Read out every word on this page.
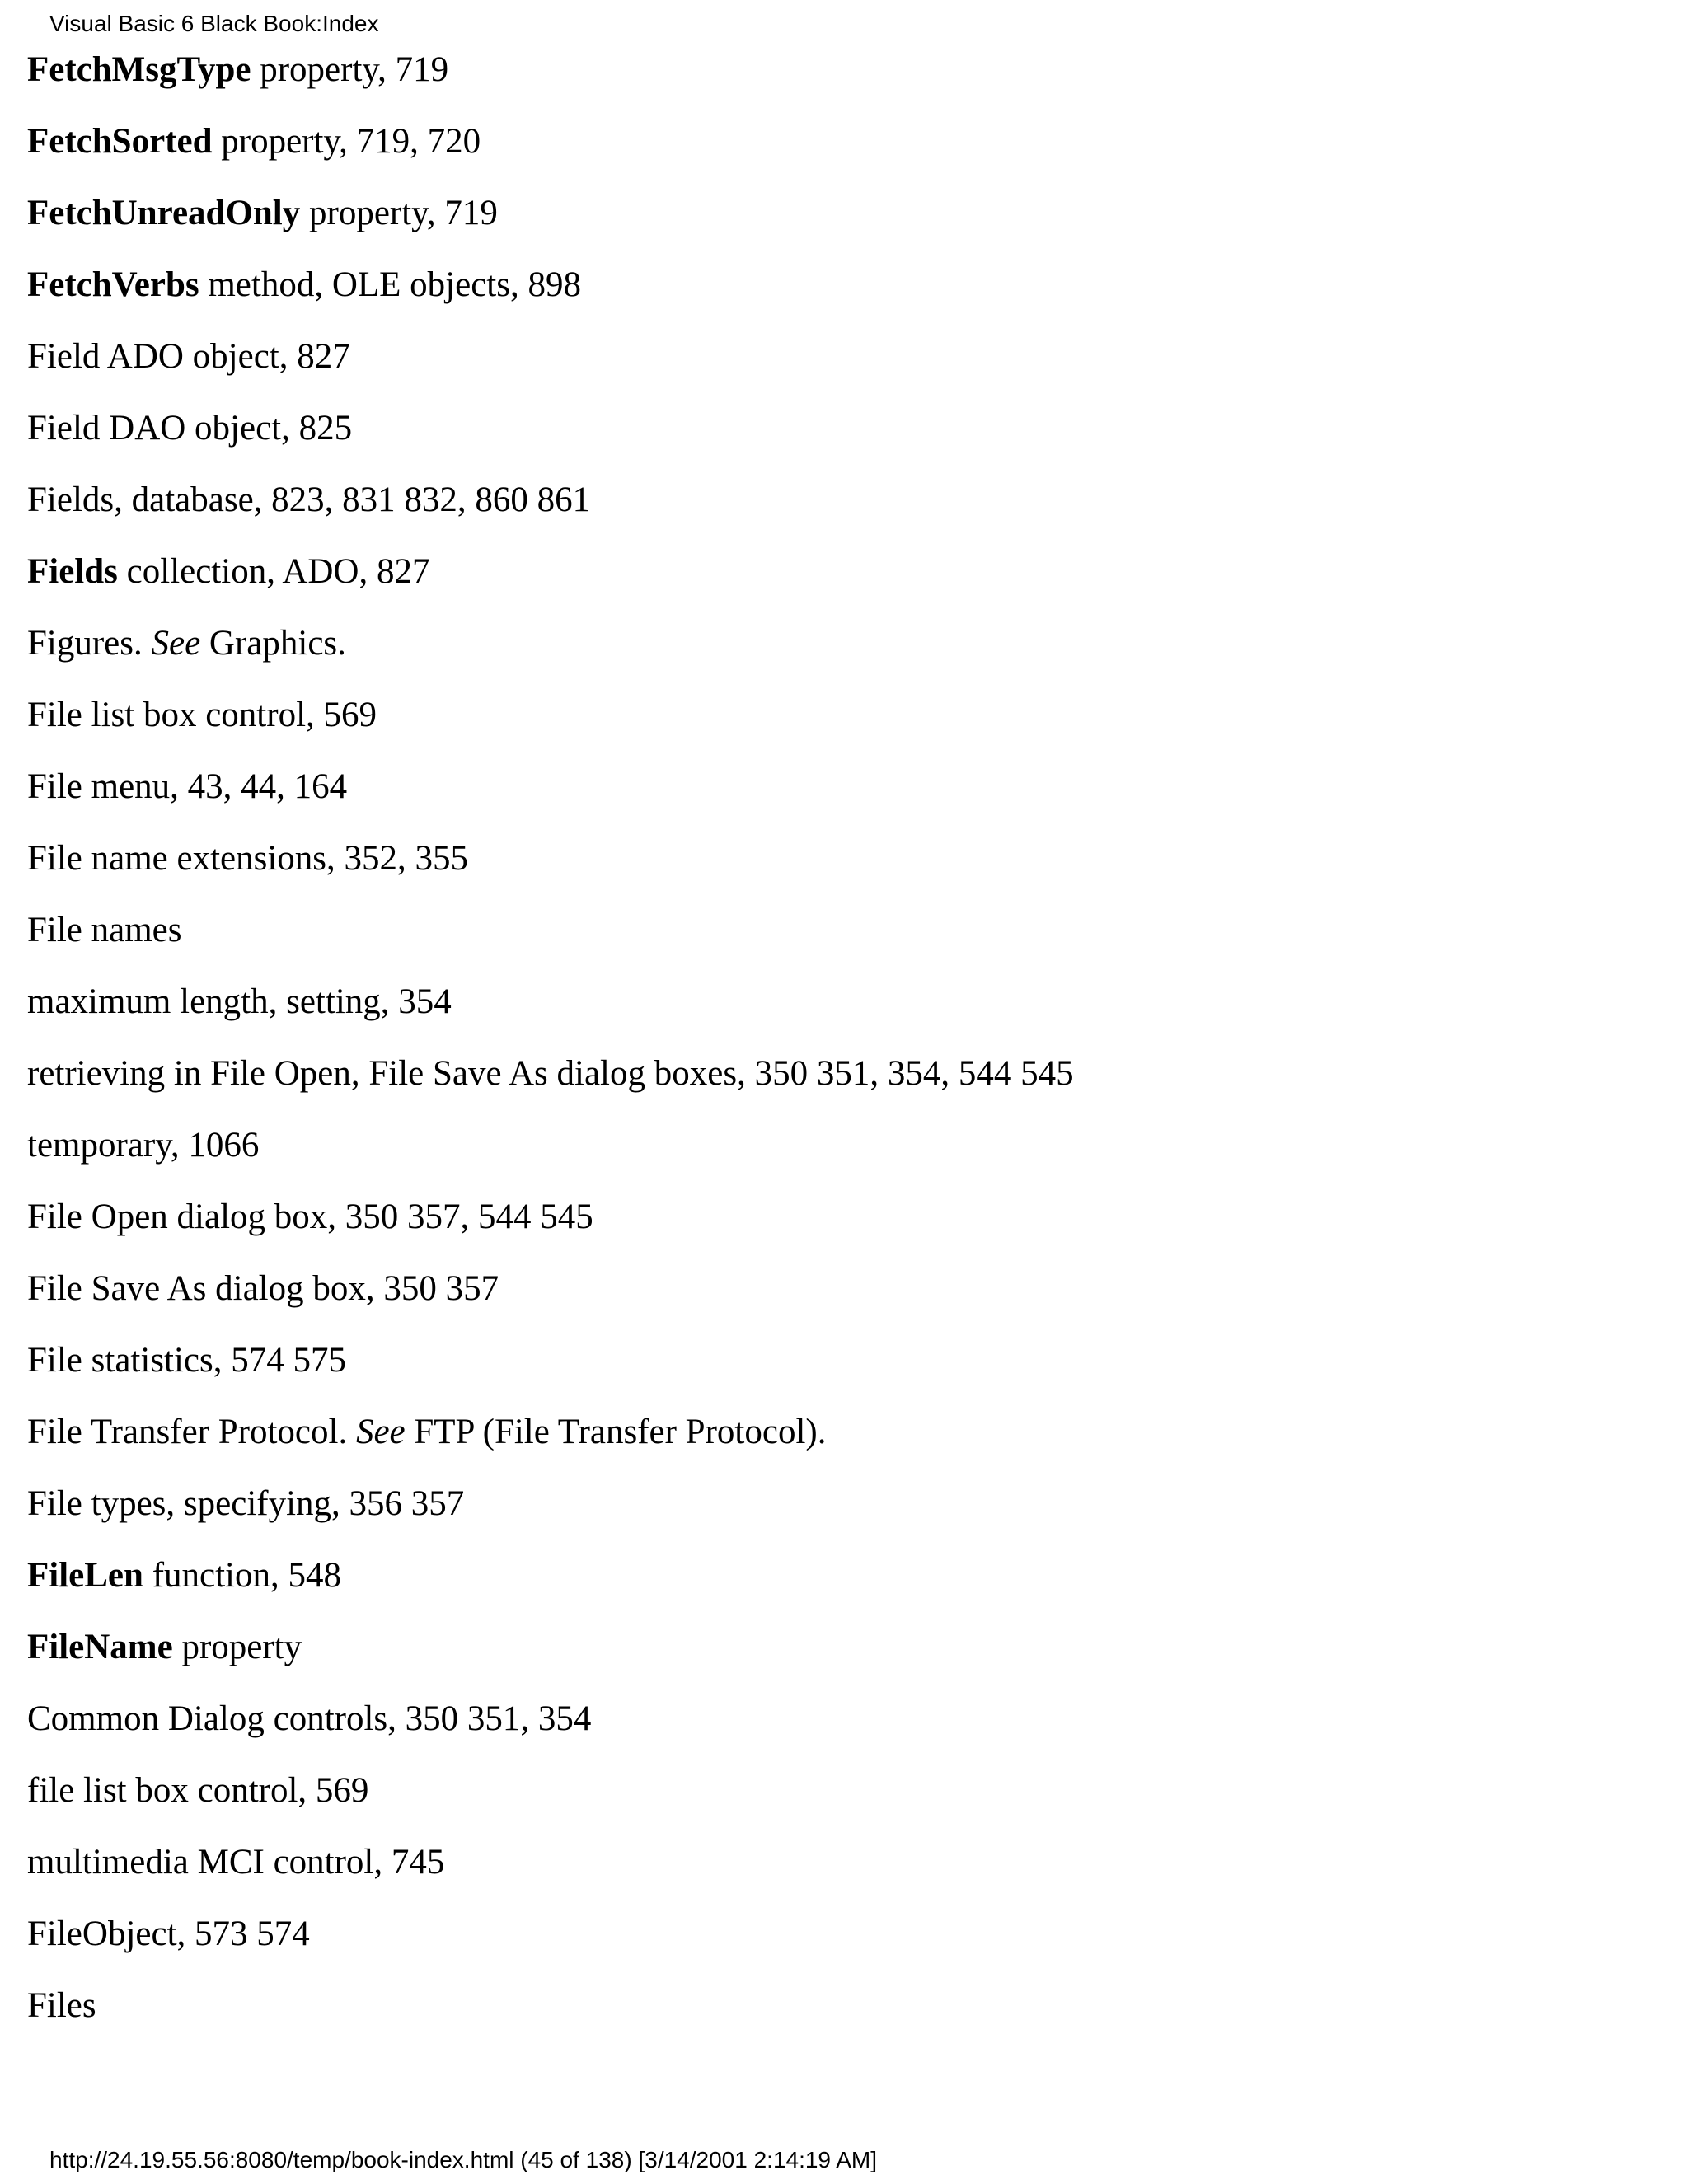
Visual Basic 6 Black Book:Index
FetchMsgType property, 719
FetchSorted property, 719, 720
FetchUnreadOnly property, 719
FetchVerbs method, OLE objects, 898
Field ADO object, 827
Field DAO object, 825
Fields, database, 823, 831 832, 860 861
Fields collection, ADO, 827
Figures. See Graphics.
File list box control, 569
File menu, 43, 44, 164
File name extensions, 352, 355
File names
maximum length, setting, 354
retrieving in File Open, File Save As dialog boxes, 350 351, 354, 544 545
temporary, 1066
File Open dialog box, 350 357, 544 545
File Save As dialog box, 350 357
File statistics, 574 575
File Transfer Protocol. See FTP (File Transfer Protocol).
File types, specifying, 356 357
FileLen function, 548
FileName property
Common Dialog controls, 350 351, 354
file list box control, 569
multimedia MCI control, 745
FileObject, 573 574
Files
http://24.19.55.56:8080/temp/book-index.html (45 of 138) [3/14/2001 2:14:19 AM]
